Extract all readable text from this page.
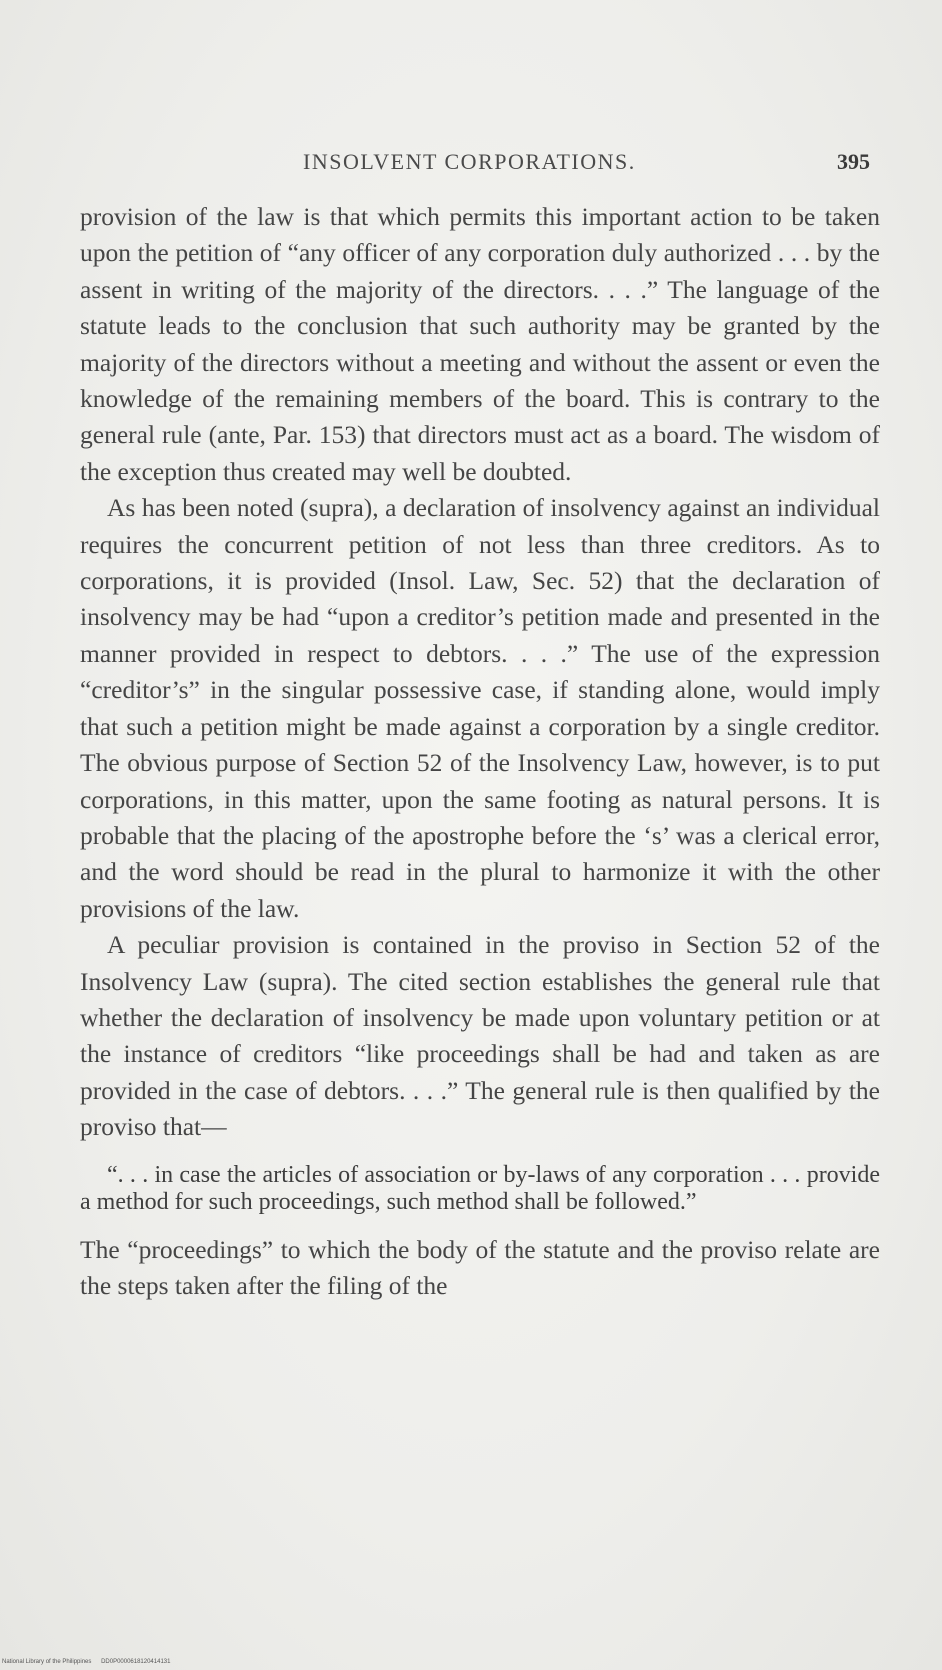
INSOLVENT CORPORATIONS.	395

provision of the law is that which permits this important action to be taken upon the petition of “any officer of any corporation duly authorized . . . by the assent in writing of the majority of the directors. . . .” The language of the statute leads to the conclusion that such authority may be granted by the majority of the directors without a meeting and without the assent or even the knowledge of the remaining members of the board. This is contrary to the general rule (ante, Par. 153) that directors must act as a board. The wisdom of the exception thus created may well be doubted.

As has been noted (supra), a declaration of insolvency against an individual requires the concurrent petition of not less than three creditors. As to corporations, it is provided (Insol. Law, Sec. 52) that the declaration of insolvency may be had “upon a creditor’s petition made and presented in the manner provided in respect to debtors. . . .” The use of the expression “creditor’s” in the singular possessive case, if standing alone, would imply that such a petition might be made against a corporation by a single creditor. The obvious purpose of Section 52 of the Insolvency Law, however, is to put corporations, in this matter, upon the same footing as natural persons. It is probable that the placing of the apostrophe before the ‘s’ was a clerical error, and the word should be read in the plural to harmonize it with the other provisions of the law.

A peculiar provision is contained in the proviso in Section 52 of the Insolvency Law (supra). The cited section establishes the general rule that whether the declaration of insolvency be made upon voluntary petition or at the instance of creditors “like proceedings shall be had and taken as are provided in the case of debtors. . . .” The general rule is then qualified by the proviso that—

“. . . in case the articles of association or by-laws of any corporation . . . provide a method for such proceedings, such method shall be followed.”

The “proceedings” to which the body of the statute and the proviso relate are the steps taken after the filing of the

National Library of the Philippines DD0P0000618120414131
